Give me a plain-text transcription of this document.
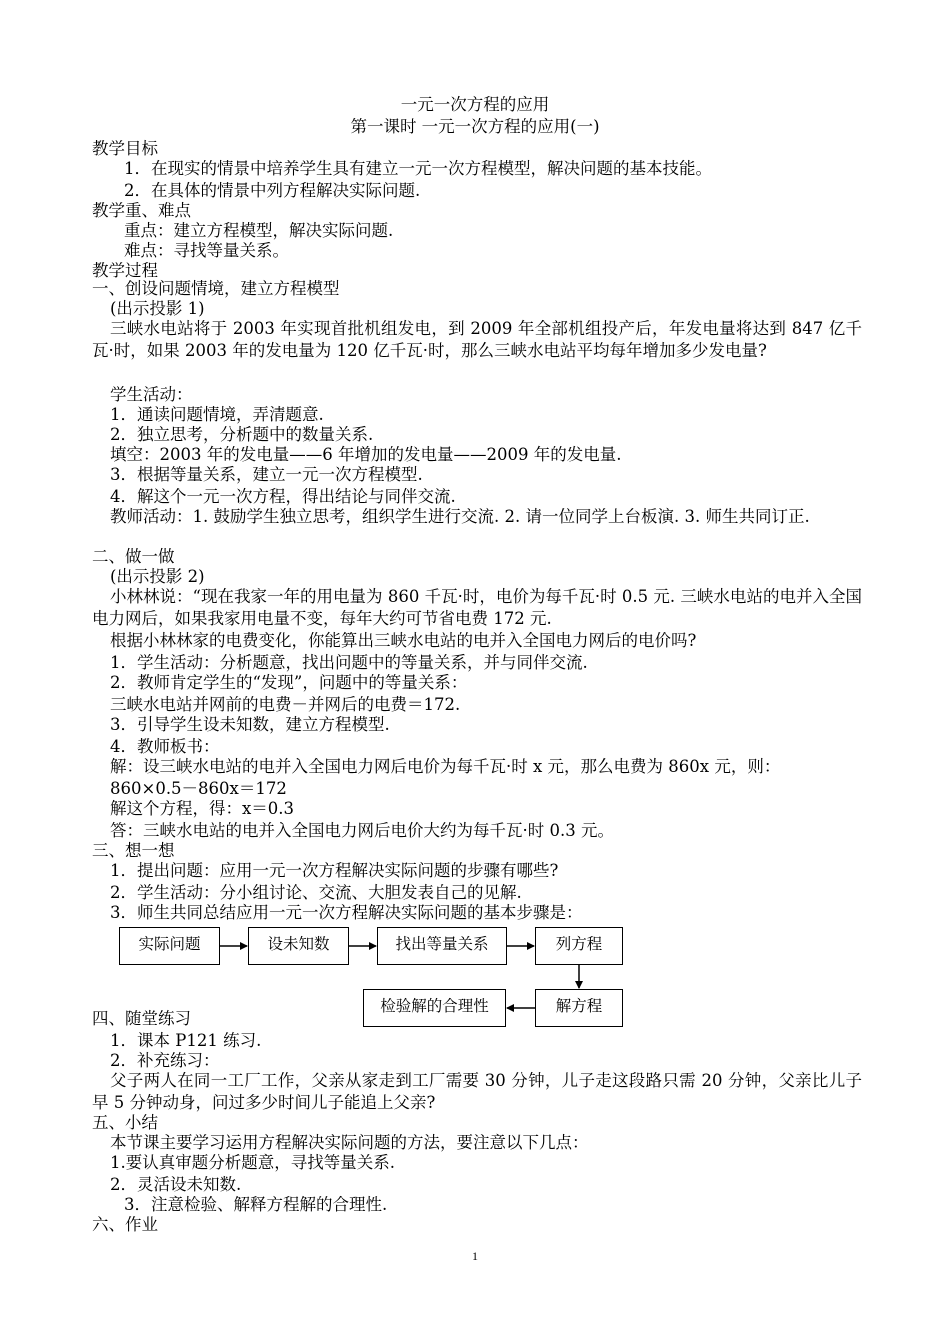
一元一次方程的应用
第一课时 一元一次方程的应用(一)
教学目标
1．在现实的情景中培养学生具有建立一元一次方程模型，解决问题的基本技能。
2．在具体的情景中列方程解决实际问题.
教学重、难点
重点：建立方程模型，解决实际问题.
难点：寻找等量关系。
教学过程
一、创设问题情境，建立方程模型
(出示投影 1)
三峡水电站将于 2003 年实现首批机组发电，到 2009 年全部机组投产后，年发电量将达到 847 亿千瓦·时，如果 2003 年的发电量为 120 亿千瓦·时，那么三峡水电站平均每年增加多少发电量?
学生活动：
1．通读问题情境，弄清题意.
2．独立思考，分析题中的数量关系.
填空：2003 年的发电量——6 年增加的发电量——2009 年的发电量.
3．根据等量关系，建立一元一次方程模型.
4．解这个一元一次方程，得出结论与同伴交流.
教师活动：1. 鼓励学生独立思考，组织学生进行交流. 2. 请一位同学上台板演. 3. 师生共同订正.
二、做一做
(出示投影 2)
小林林说：“现在我家一年的用电量为 860 千瓦·时，电价为每千瓦·时 0.5 元. 三峡水电站的电并入全国电力网后，如果我家用电量不变，每年大约可节省电费 172 元.
根据小林林家的电费变化，你能算出三峡水电站的电并入全国电力网后的电价吗?
1．学生活动：分析题意，找出问题中的等量关系，并与同伴交流.
2．教师肯定学生的“发现”，问题中的等量关系：
三峡水电站并网前的电费－并网后的电费＝172.
3．引导学生设未知数，建立方程模型.
4．教师板书：
解：设三峡水电站的电并入全国电力网后电价为每千瓦·时 x 元，那么电费为 860x 元，则：
860×0.5－860x＝172
解这个方程，得：x＝0.3
答：三峡水电站的电并入全国电力网后电价大约为每千瓦·时 0.3 元。
三、想一想
1．提出问题：应用一元一次方程解决实际问题的步骤有哪些?
2．学生活动：分小组讨论、交流、大胆发表自己的见解.
3．师生共同总结应用一元一次方程解决实际问题的基本步骤是：
实际问题	设未知数	找出等量关系	列方程
解方程
检验解的合理性
四、随堂练习
1．课本 P121 练习.
2．补充练习：
父子两人在同一工厂工作，父亲从家走到工厂需要 30 分钟，儿子走这段路只需 20 分钟，父亲比儿子早 5 分钟动身，问过多少时间儿子能追上父亲?
五、小结
本节课主要学习运用方程解决实际问题的方法，要注意以下几点：
1.要认真审题分析题意，寻找等量关系.
2．灵活设未知数.
3．注意检验、解释方程解的合理性.
六、作业
1
